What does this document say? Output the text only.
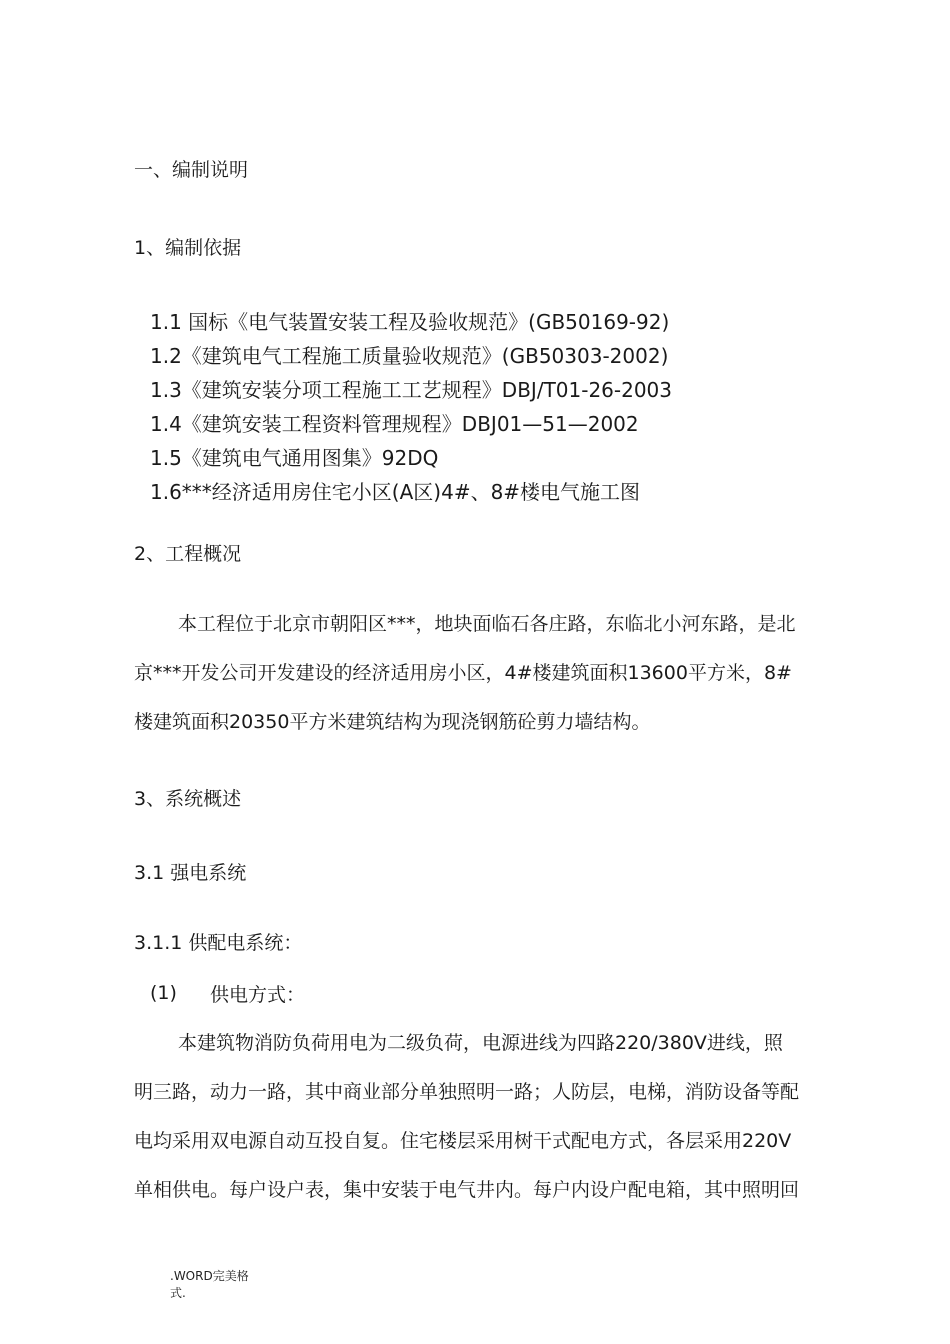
一、编制说明
1、编制依据
1.1 国标《电气装置安装工程及验收规范》(GB50169-92)
1.2《建筑电气工程施工质量验收规范》(GB50303-2002)
1.3《建筑安装分项工程施工工艺规程》DBJ/T01-26-2003
1.4《建筑安装工程资料管理规程》DBJ01—51—2002
1.5《建筑电气通用图集》92DQ
1.6***经济适用房住宅小区(A区)4#、8#楼电气施工图
2、工程概况
本工程位于北京市朝阳区***，地块面临石各庄路，东临北小河东路，是北
京***开发公司开发建设的经济适用房小区，4#楼建筑面积13600平方米，8#
楼建筑面积20350平方米建筑结构为现浇钢筋砼剪力墙结构。
3、系统概述
3.1 强电系统
3.1.1 供配电系统：
(1) 供电方式：
本建筑物消防负荷用电为二级负荷，电源进线为四路220/380V进线，照
明三路，动力一路，其中商业部分单独照明一路；人防层，电梯，消防设备等配
电均采用双电源自动互投自复。住宅楼层采用树干式配电方式，各层采用220V
单相供电。每户设户表，集中安装于电气井内。每户内设户配电箱，其中照明回
.WORD完美格
式.
